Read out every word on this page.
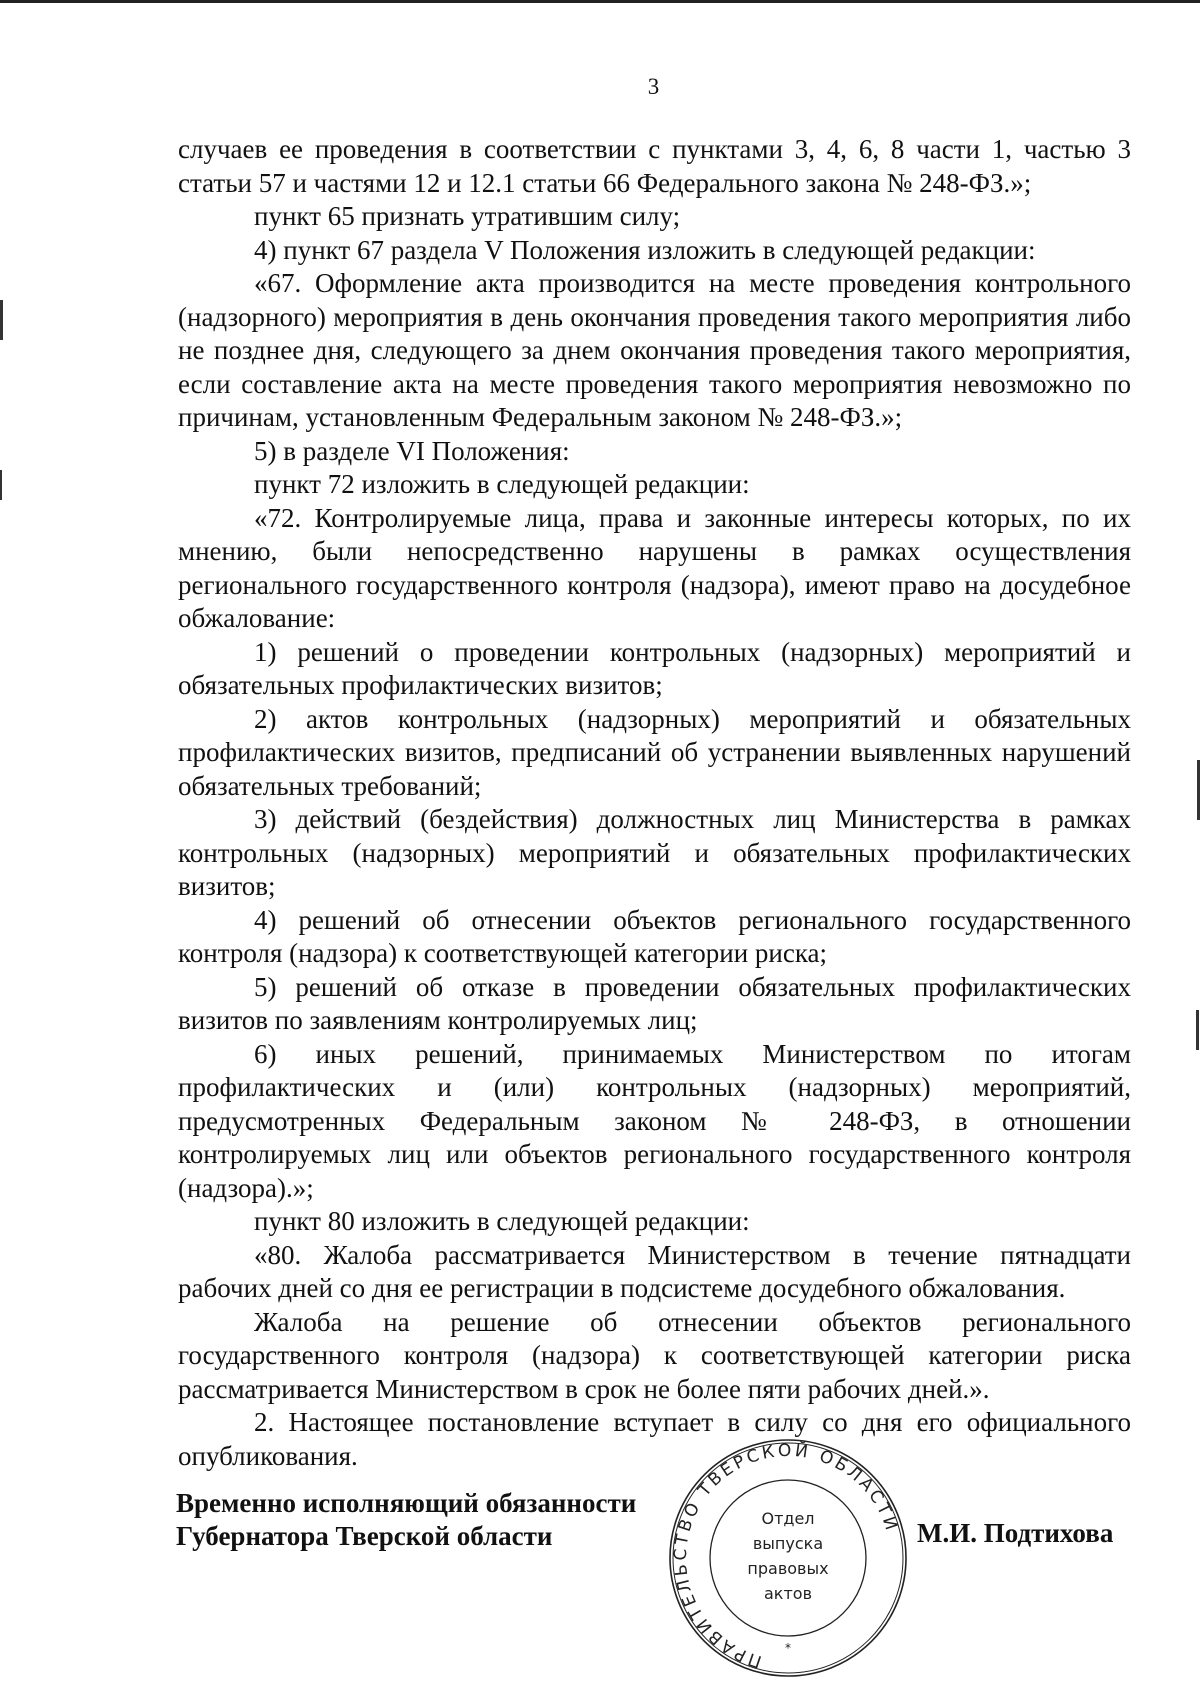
3

случаев ее проведения в соответствии с пунктами 3, 4, 6, 8 части 1, частью 3 статьи 57 и частями 12 и 12.1 статьи 66 Федерального закона № 248-ФЗ.»;

пункт 65 признать утратившим силу;

4) пункт 67 раздела V Положения изложить в следующей редакции:

«67. Оформление акта производится на месте проведения контрольного (надзорного) мероприятия в день окончания проведения такого мероприятия либо не позднее дня, следующего за днем окончания проведения такого мероприятия, если составление акта на месте проведения такого мероприятия невозможно по причинам, установленным Федеральным законом № 248-ФЗ.»;

5) в разделе VI Положения:

пункт 72 изложить в следующей редакции:

«72. Контролируемые лица, права и законные интересы которых, по их мнению, были непосредственно нарушены в рамках осуществления регионального государственного контроля (надзора), имеют право на досудебное обжалование:

1) решений о проведении контрольных (надзорных) мероприятий и обязательных профилактических визитов;

2) актов контрольных (надзорных) мероприятий и обязательных профилактических визитов, предписаний об устранении выявленных нарушений обязательных требований;

3) действий (бездействия) должностных лиц Министерства в рамках контрольных (надзорных) мероприятий и обязательных профилактических визитов;

4) решений об отнесении объектов регионального государственного контроля (надзора) к соответствующей категории риска;

5) решений об отказе в проведении обязательных профилактических визитов по заявлениям контролируемых лиц;

6) иных решений, принимаемых Министерством по итогам профилактических и (или) контрольных (надзорных) мероприятий, предусмотренных Федеральным законом № 248-ФЗ, в отношении контролируемых лиц или объектов регионального государственного контроля (надзора).»;

пункт 80 изложить в следующей редакции:

«80. Жалоба рассматривается Министерством в течение пятнадцати рабочих дней со дня ее регистрации в подсистеме досудебного обжалования.

Жалоба на решение об отнесении объектов регионального государственного контроля (надзора) к соответствующей категории риска рассматривается Министерством в срок не более пяти рабочих дней.».

2. Настоящее постановление вступает в силу со дня его официального опубликования.

Временно исполняющий обязанности
Губернатора Тверской области	М.И. Подтихова
ПРАВИТЕЛЬСТВО ТВЕРСКОЙ ОБЛАСТИ
Отдел
выпуска
правовых
актов
*
